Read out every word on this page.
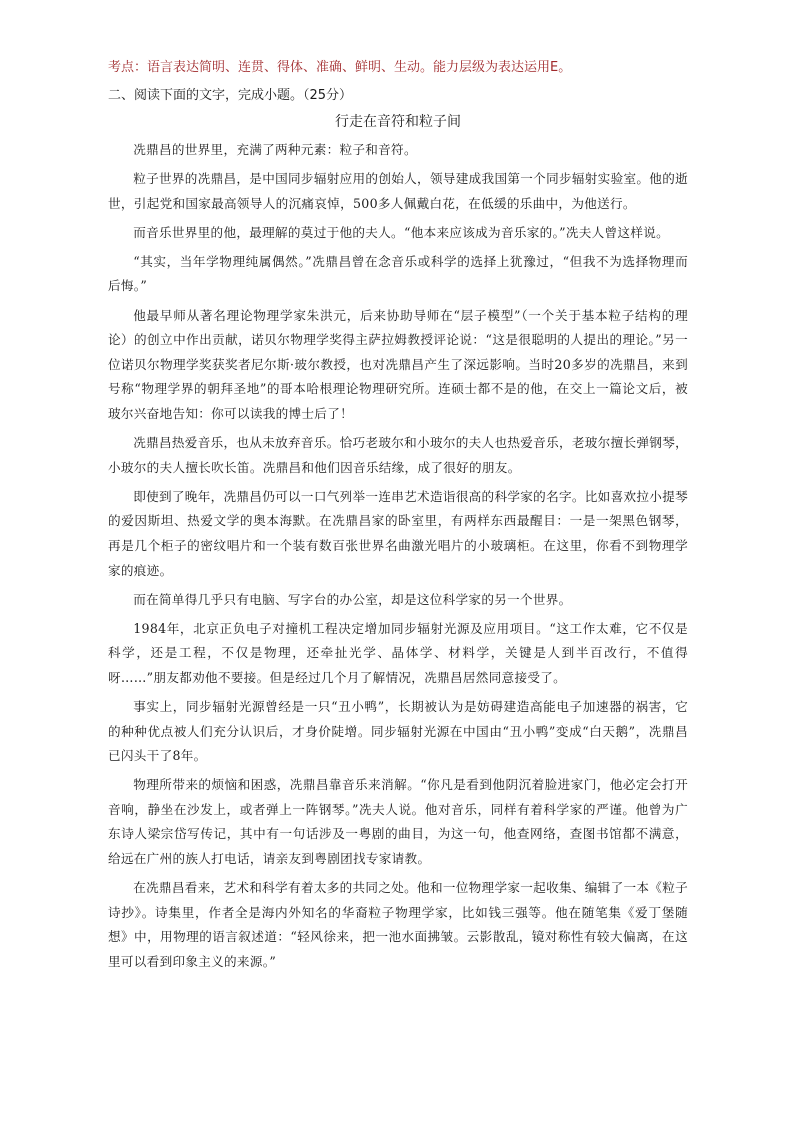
考点：语言表达简明、连贯、得体、准确、鲜明、生动。能力层级为表达运用E。

二、阅读下面的文字，完成小题。（25分）

行走在音符和粒子间

冼鼎昌的世界里，充满了两种元素：粒子和音符。

粒子世界的冼鼎昌，是中国同步辐射应用的创始人，领导建成我国第一个同步辐射实验室。他的逝世，引起党和国家最高领导人的沉痛哀悼，500多人佩戴白花，在低缓的乐曲中，为他送行。

而音乐世界里的他，最理解的莫过于他的夫人。“他本来应该成为音乐家的。”冼夫人曾这样说。

“其实，当年学物理纯属偶然。”冼鼎昌曾在念音乐或科学的选择上犹豫过，“但我不为选择物理而后悔。”

他最早师从著名理论物理学家朱洪元，后来协助导师在“层子模型”（一个关于基本粒子结构的理论）的创立中作出贡献，诺贝尔物理学奖得主萨拉姆教授评论说：“这是很聪明的人提出的理论。”另一位诺贝尔物理学奖获奖者尼尔斯·玻尔教授，也对冼鼎昌产生了深远影响。当时20多岁的冼鼎昌，来到号称“物理学界的朝拜圣地”的哥本哈根理论物理研究所。连硕士都不是的他，在交上一篇论文后，被玻尔兴奋地告知：你可以读我的博士后了！

冼鼎昌热爱音乐，也从未放弃音乐。恰巧老玻尔和小玻尔的夫人也热爱音乐，老玻尔擅长弹钢琴，小玻尔的夫人擅长吹长笛。冼鼎昌和他们因音乐结缘，成了很好的朋友。

即使到了晚年，冼鼎昌仍可以一口气列举一连串艺术造诣很高的科学家的名字。比如喜欢拉小提琴的爱因斯坦、热爱文学的奥本海默。在冼鼎昌家的卧室里，有两样东西最醒目：一是一架黑色钢琴，再是几个柜子的密纹唱片和一个装有数百张世界名曲激光唱片的小玻璃柜。在这里，你看不到物理学家的痕迹。

而在简单得几乎只有电脑、写字台的办公室，却是这位科学家的另一个世界。

1984年，北京正负电子对撞机工程决定增加同步辐射光源及应用项目。“这工作太难，它不仅是科学，还是工程，不仅是物理，还牵扯光学、晶体学、材料学，关键是人到半百改行，不值得呀……”朋友都劝他不要接。但是经过几个月了解情况，冼鼎昌居然同意接受了。

事实上，同步辐射光源曾经是一只“丑小鸭”，长期被认为是妨碍建造高能电子加速器的祸害，它的种种优点被人们充分认识后，才身价陡增。同步辐射光源在中国由“丑小鸭”变成“白天鹅”，冼鼎昌已闪头干了8年。

物理所带来的烦恼和困惑，冼鼎昌靠音乐来消解。“你凡是看到他阴沉着脸进家门，他必定会打开音响，静坐在沙发上，或者弹上一阵钢琴。”冼夫人说。他对音乐，同样有着科学家的严谨。他曾为广东诗人梁宗岱写传记，其中有一句话涉及一粤剧的曲目，为这一句，他查网络，查图书馆都不满意，给远在广州的族人打电话，请亲友到粤剧团找专家请教。

在冼鼎昌看来，艺术和科学有着太多的共同之处。他和一位物理学家一起收集、编辑了一本《粒子诗抄》。诗集里，作者全是海内外知名的华裔粒子物理学家，比如钱三强等。他在随笔集《爱丁堡随想》中，用物理的语言叙述道：“轻风徐来，把一池水面拂皱。云影散乱，镜对称性有较大偏离，在这里可以看到印象主义的来源。”
